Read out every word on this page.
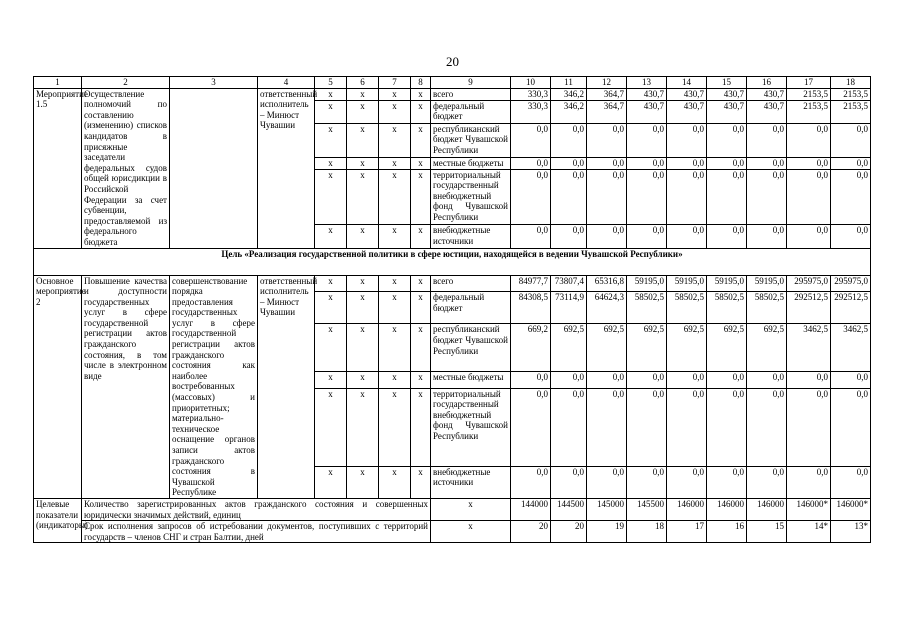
20
1	2	3	4	5	6	7	8	9	10	11	12	13	14	15	16	17	18
Мероприятие 1.5	Осуществление полномочий по составлению (изменению) списков кандидатов в присяжные заседатели федеральных судов общей юрисдикции в Российской Федерации за счет субвенции, предоставляемой из федерального бюджета		ответственный исполнитель – Минюст Чувашии	x	x	x	x	всего	330,3	346,2	364,7	430,7	430,7	430,7	430,7	2153,5	2153,5
				x	x	x	x	федеральный бюджет	330,3	346,2	364,7	430,7	430,7	430,7	430,7	2153,5	2153,5
				x	x	x	x	республиканский бюджет Чувашской Республики	0,0	0,0	0,0	0,0	0,0	0,0	0,0	0,0	0,0
				x	x	x	x	местные бюджеты	0,0	0,0	0,0	0,0	0,0	0,0	0,0	0,0	0,0
				x	x	x	x	территориальный государственный внебюджетный фонд Чувашской Республики	0,0	0,0	0,0	0,0	0,0	0,0	0,0	0,0	0,0
				x	x	x	x	внебюджетные источники	0,0	0,0	0,0	0,0	0,0	0,0	0,0	0,0	0,0
Цель «Реализация государственной политики в сфере юстиции, находящейся в ведении Чувашской Республики»																	
Основное мероприятие 2	Повышение качества и доступности государственных услуг в сфере государственной регистрации актов гражданского состояния, в том числе в электронном виде	совершенствование порядка предоставления государственных услуг в сфере государственной регистрации актов гражданского состояния как наиболее востребованных (массовых) и приоритетных; материально-техническое оснащение органов записи актов гражданского состояния в Чувашской Республике	ответственный исполнитель – Минюст Чувашии	x	x	x	x	всего	84977,7	73807,4	65316,8	59195,0	59195,0	59195,0	59195,0	295975,0	295975,0
				x	x	x	x	федеральный бюджет	84308,5	73114,9	64624,3	58502,5	58502,5	58502,5	58502,5	292512,5	292512,5
				x	x	x	x	республиканский бюджет Чувашской Республики	669,2	692,5	692,5	692,5	692,5	692,5	692,5	3462,5	3462,5
				x	x	x	x	местные бюджеты	0,0	0,0	0,0	0,0	0,0	0,0	0,0	0,0	0,0
				x	x	x	x	территориальный государственный внебюджетный фонд Чувашской Республики	0,0	0,0	0,0	0,0	0,0	0,0	0,0	0,0	0,0
				x	x	x	x	внебюджетные источники	0,0	0,0	0,0	0,0	0,0	0,0	0,0	0,0	0,0
Целевые показатели (индикаторы)	Количество зарегистрированных актов гражданского состояния и совершенных юридически значимых действий, единиц							x	144000	144500	145000	145500	146000	146000	146000	146000*	146000*
	Срок исполнения запросов об истребовании документов, поступивших с территорий государств – членов СНГ и стран Балтии, дней							x	20	20	19	18	17	16	15	14*	13*
